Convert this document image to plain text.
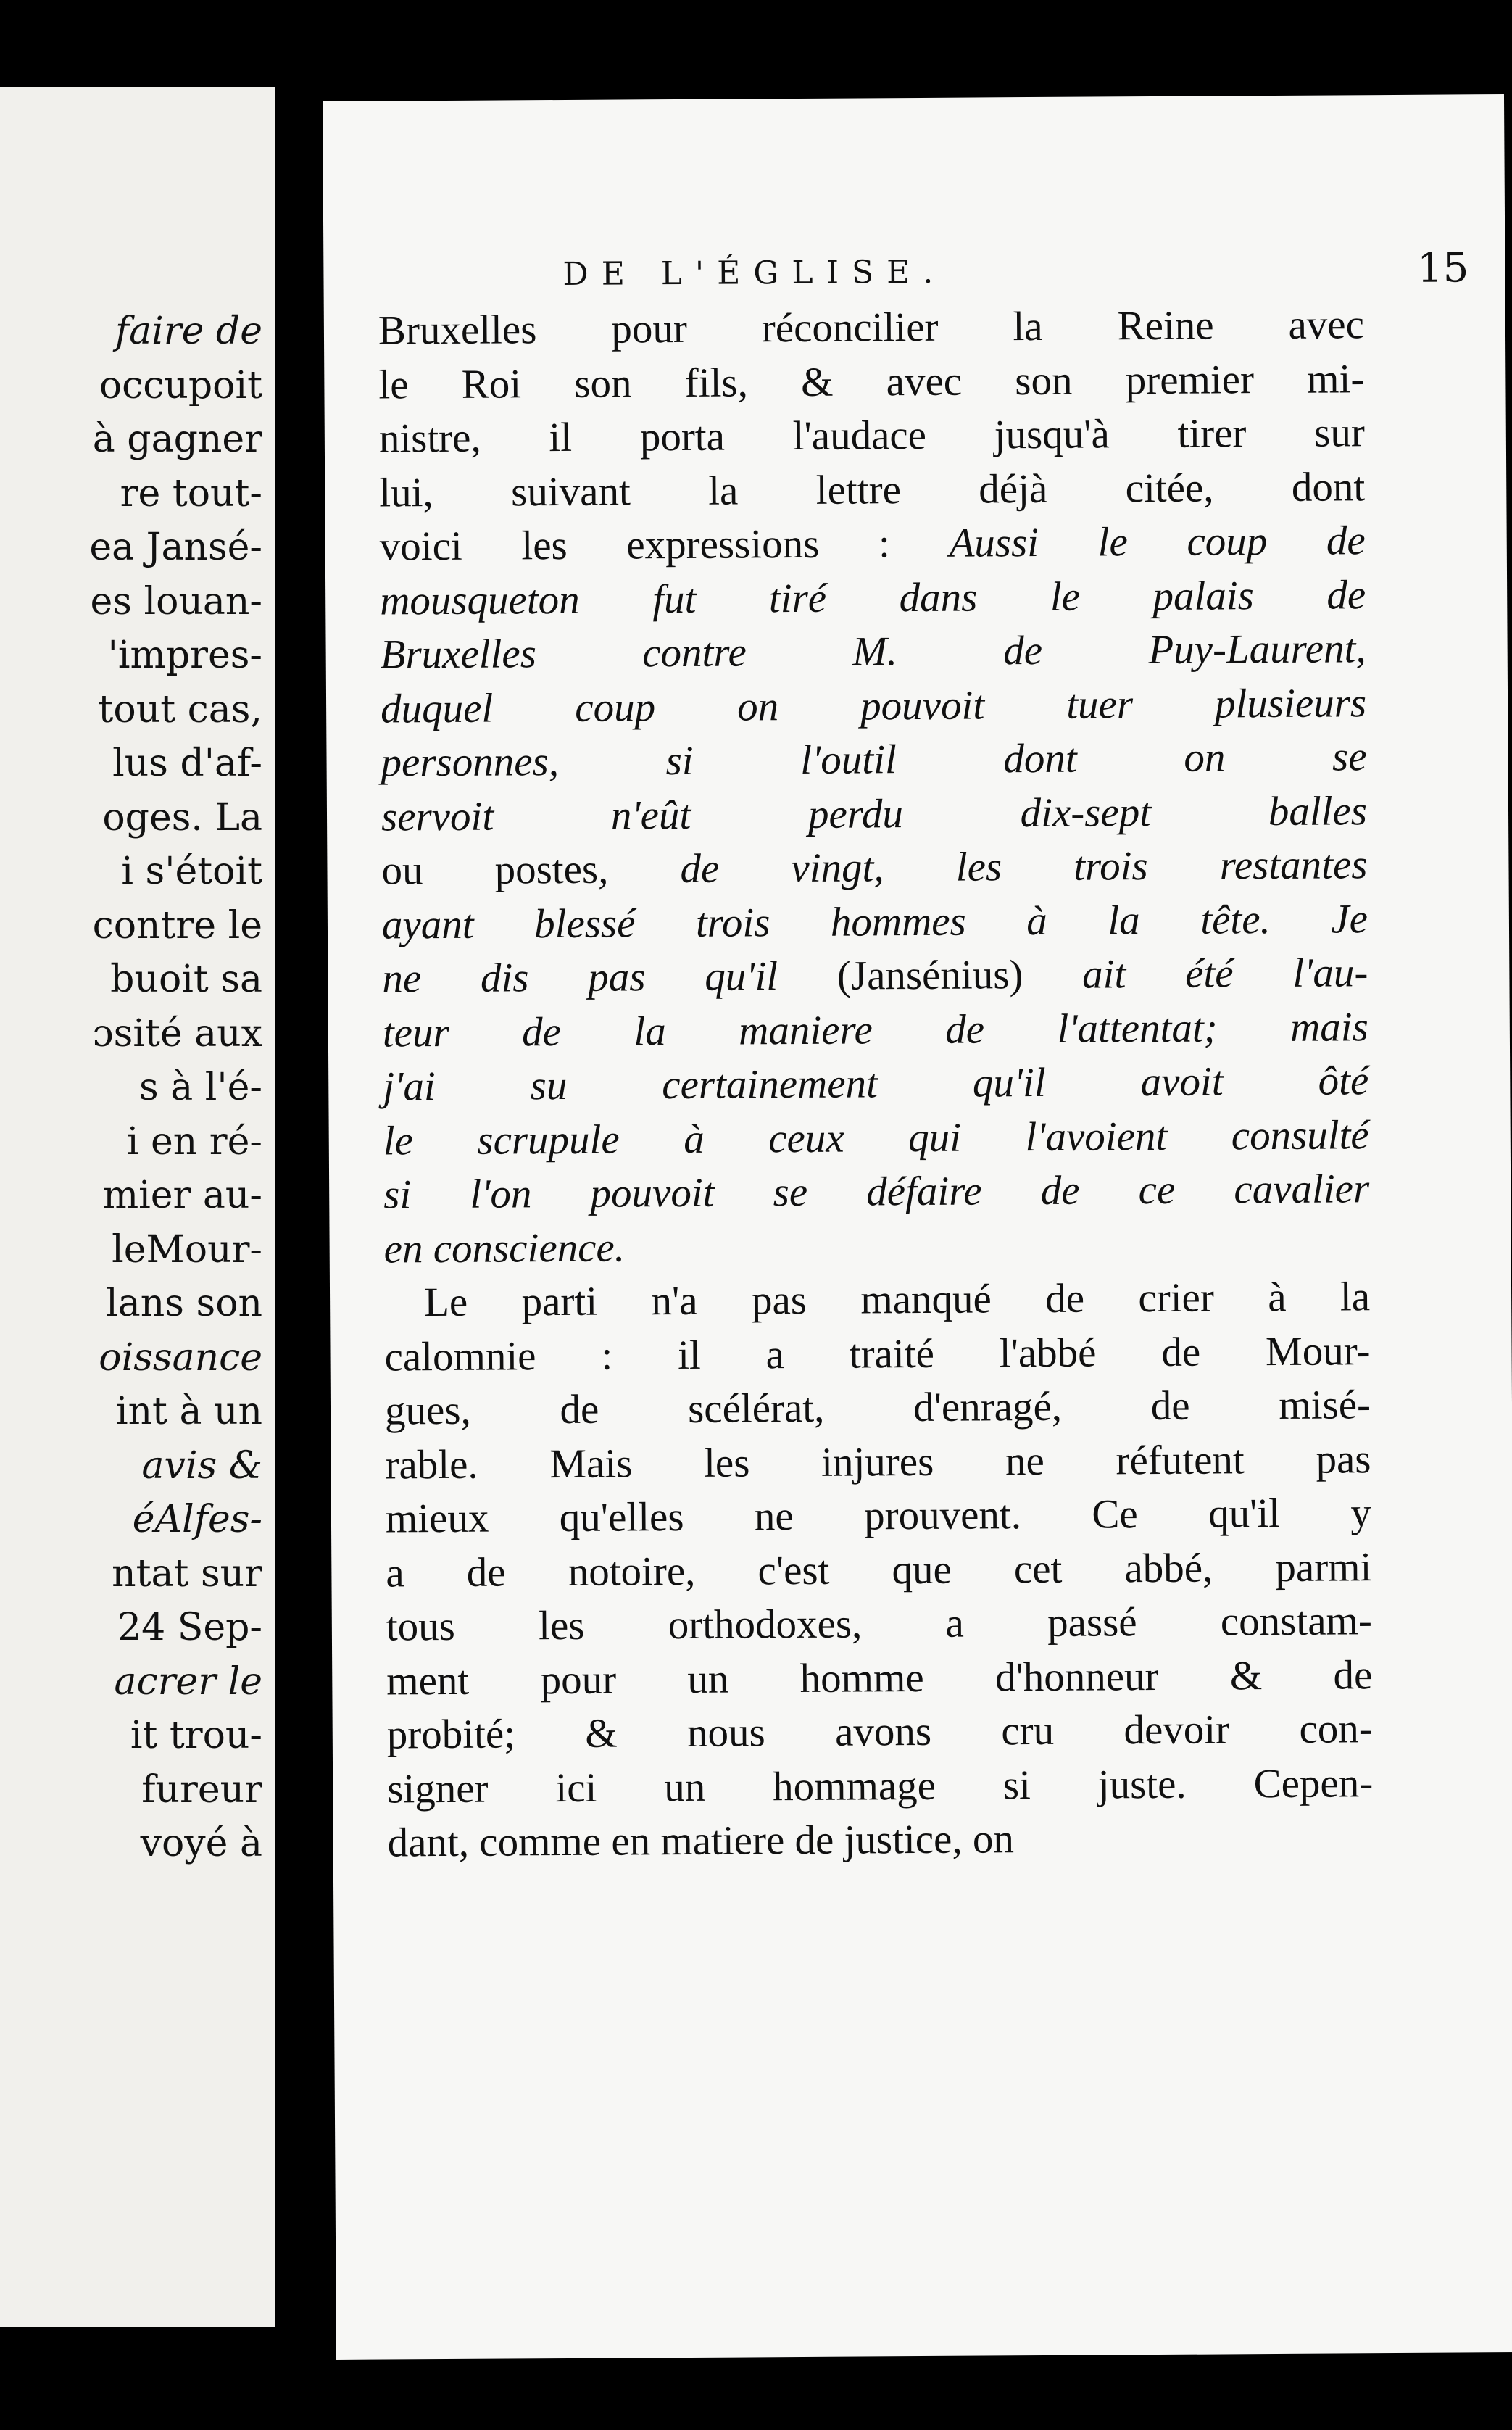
faire de
occupoit
à gagner
re tout-
ea Jansé-
es louan-
'impres-
tout cas,
lus d'af-
oges. La
i s'étoit
contre le
buoit sa
ɔsité aux
s à l'é-
i en ré-
mier au-
leMour-
lans son
oissance
int à un
avis &
éAlfes-
ntat sur
24 Sep-
acrer le
it trou-
fureur
voyé à
DE L'ÉGLISE.	15
Bruxelles pour réconcilier la Reine avec
le Roi son fils, & avec son premier mi-
nistre, il porta l'audace jusqu'à tirer sur
lui, suivant la lettre déjà citée, dont
voici les expressions : Aussi le coup de
mousqueton fut tiré dans le palais de
Bruxelles contre M. de Puy-Laurent,
duquel coup on pouvoit tuer plusieurs
personnes, si l'outil dont on se
servoit n'eût perdu dix-sept balles
ou postes, de vingt, les trois restantes
ayant blessé trois hommes à la tête. Je
ne dis pas qu'il (Jansénius) ait été l'au-
teur de la maniere de l'attentat; mais
j'ai su certainement qu'il avoit ôté
le scrupule à ceux qui l'avoient consulté
si l'on pouvoit se défaire de ce cavalier
en conscience.
Le parti n'a pas manqué de crier à la
calomnie : il a traité l'abbé de Mour-
gues, de scélérat, d'enragé, de misé-
rable. Mais les injures ne réfutent pas
mieux qu'elles ne prouvent. Ce qu'il y
a de notoire, c'est que cet abbé, parmi
tous les orthodoxes, a passé constam-
ment pour un homme d'honneur & de
probité; & nous avons cru devoir con-
signer ici un hommage si juste. Cepen-
dant, comme en matiere de justice, on
